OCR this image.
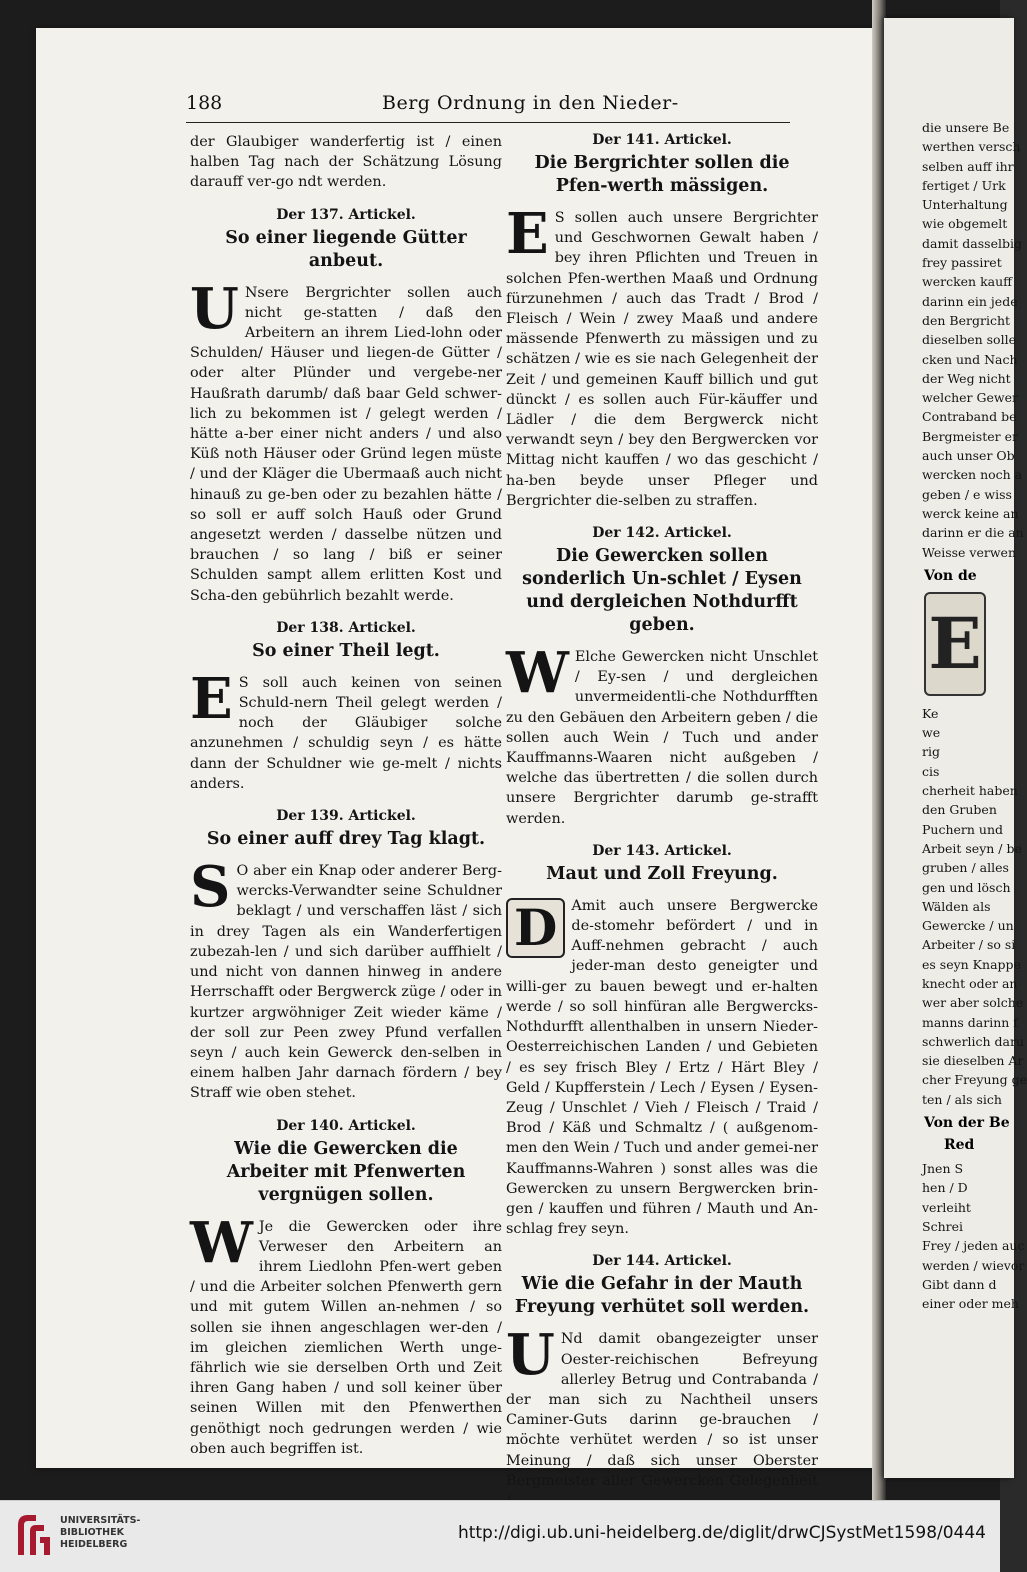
188	Berg Ordnung in den Nieder-

der Glaubiger wanderfertig ist / einen halben Tag nach der Schätzung Lösung darauff ver-go ndt werden.

Der 137. Artickel.
So einer liegende Gütter anbeut.

U Nsere Bergrichter sollen auch nicht ge-statten / daß den Arbeitern an ihrem Lied-lohn oder Schulden/ Häuser und liegen-de Gütter / oder alter Plünder und vergebe-ner Haußrath darumb/ daß baar Geld schwer-lich zu bekommen ist / gelegt werden / hätte a-ber einer nicht anders / und also Küß noth Häuser oder Gründ legen müste / und der Kläger die Ubermaaß auch nicht hinauß zu ge-ben oder zu bezahlen hätte / so soll er auff solch Hauß oder Grund angesetzt werden / dasselbe nützen und brauchen / so lang / biß er seiner Schulden sampt allem erlitten Kost und Scha-den gebührlich bezahlt werde.

Der 138. Artickel.
So einer Theil legt.

E S soll auch keinen von seinen Schuld-nern Theil gelegt werden / noch der Gläubiger solche anzunehmen / schuldig seyn / es hätte dann der Schuldner wie ge-melt / nichts anders.

Der 139. Artickel.
So einer auff drey Tag klagt.

S O aber ein Knap oder anderer Berg-wercks-Verwandter seine Schuldner beklagt / und verschaffen läst / sich in drey Tagen als ein Wanderfertigen zubezah-len / und sich darüber auffhielt / und nicht von dannen hinweg in andere Herrschafft oder Bergwerck züge / oder in kurtzer argwöhniger Zeit wieder käme / der soll zur Peen zwey Pfund verfallen seyn / auch kein Gewerck den-selben in einem halben Jahr darnach fördern / bey Straff wie oben stehet.

Der 140. Artickel.
Wie die Gewercken die Arbeiter mit Pfenwerten vergnügen sollen.

W Je die Gewercken oder ihre Verweser den Arbeitern an ihrem Liedlohn Pfen-wert geben / und die Arbeiter solchen Pfenwerth gern und mit gutem Willen an-nehmen / so sollen sie ihnen angeschlagen wer-den / im gleichen ziemlichen Werth unge-fährlich wie sie derselben Orth und Zeit ihren Gang haben / und soll keiner über seinen Willen mit den Pfenwerthen genöthigt noch gedrungen werden / wie oben auch begriffen ist.

Der 141. Artickel.
Die Bergrichter sollen die Pfen-werth mässigen.

E S sollen auch unsere Bergrichter und Geschwornen Gewalt haben / bey ihren Pflichten und Treuen in solchen Pfen-werthen Maaß und Ordnung fürzunehmen / auch das Tradt / Brod / Fleisch / Wein / zwey Maaß und andere mässende Pfenwerth zu mässigen und zu schätzen / wie es sie nach Gelegenheit der Zeit / und gemeinen Kauff billich und gut dünckt / es sollen auch Für-käuffer und Lädler / die dem Bergwerck nicht verwandt seyn / bey den Bergwercken vor Mittag nicht kauffen / wo das geschicht / ha-ben beyde unser Pfleger und Bergrichter die-selben zu straffen.

Der 142. Artickel.
Die Gewercken sollen sonderlich Un-schlet / Eysen und dergleichen Nothdurfft geben.

W Elche Gewercken nicht Unschlet / Ey-sen / und dergleichen unvermeidentli-che Nothdurfften zu den Gebäuen den Arbeitern geben / die sollen auch Wein / Tuch und ander Kauffmanns-Waaren nicht außgeben / welche das übertretten / die sollen durch unsere Bergrichter darumb ge-strafft werden.

Der 143. Artickel.
Maut und Zoll Freyung.

D Amit auch unsere Bergwercke de-stomehr befördert / und in Auff-nehmen gebracht / auch jeder-man desto geneigter und willi-ger zu bauen bewegt und er-halten werde / so soll hinfüran alle Bergwercks-Nothdurfft allenthalben in unsern Nieder-Oesterreichischen Landen / und Gebieten / es sey frisch Bley / Ertz / Härt Bley / Geld / Kupfferstein / Lech / Eysen / Eysen-Zeug / Unschlet / Vieh / Fleisch / Traid / Brod / Käß und Schmaltz / ( außgenom-men den Wein / Tuch und ander gemei-ner Kauffmanns-Wahren ) sonst alles was die Gewercken zu unsern Bergwercken brin-gen / kauffen und führen / Mauth und An-schlag frey seyn.

Der 144. Artickel.
Wie die Gefahr in der Mauth Freyung verhütet soll werden.

U Nd damit obangezeigter unser Oester-reichischen Befreyung allerley Betrug und Contrabanda / der man sich zu Nachtheil unsers Caminer-Guts darinn ge-brauchen / möchte verhütet werden / so ist unser Meinung / daß sich unser Oberster Bergmeister aller Gewercken Gelegenheit

die unsere Be
werthen versch
selben auff ihr
fertiget / Urk
Unterhaltung
wie obgemelt
damit dasselbig
frey passiret
wercken kauff
darinn ein jede
den Bergricht
dieselben solle
cken und Nach
der Weg nicht
welcher Gewer
Contraband be
Bergmeister er
auch unser Ob
wercken noch a
geben / e wiss
werck keine an
darinn er die an
Weisse verwen
Von de
E
Ke
we
rig
cis
cherheit haben
den Gruben
Puchern und
Arbeit seyn / be
gruben / alles
gen und lösch
Wälden als
Gewercke / un
Arbeiter / so si
es seyn Knappe
knecht oder an
wer aber solche
manns darinn f
schwerlich daru
sie dieselben Ar
cher Freyung ge
ten / als sich
Von der Be
Red
Jnen S
hen / D
verleiht
Schrei
Frey / jeden auc
werden / wievor
Gibt dann d
einer oder meh
UNIVERSITÄTS-
BIBLIOTHEK
HEIDELBERG
http://digi.ub.uni-heidelberg.de/diglit/drwCJSystMet1598/0444
